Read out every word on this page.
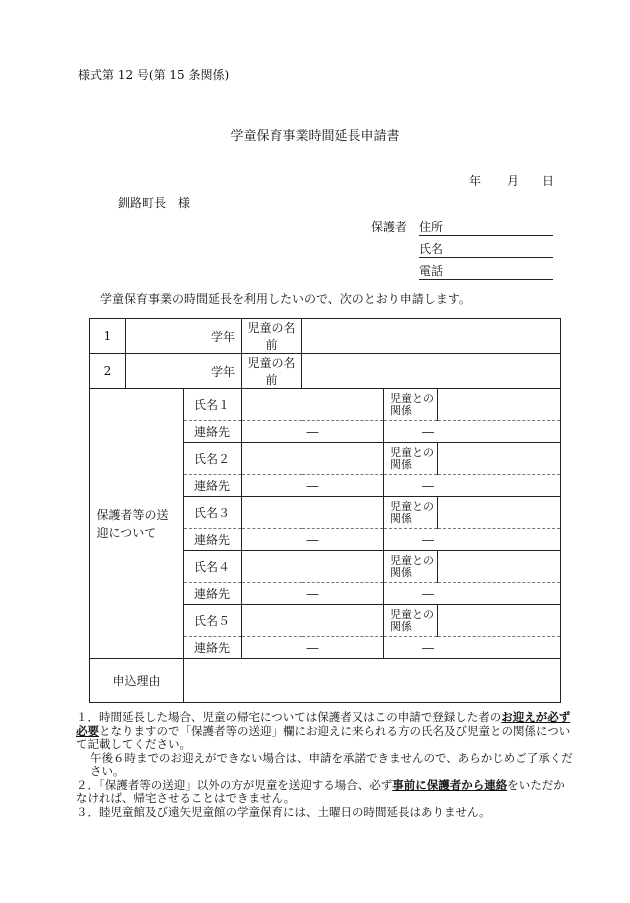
様式第 12 号(第 15 条関係)
学童保育事業時間延長申請書
年 月 日
釧路町長　様
保護者 住所
氏名
電話
学童保育事業の時間延長を利用したいので、次のとおり申請します。
1	学年		児童の名前			
2	学年		児童の名前			
保護者等の送迎について		氏名１			児童との関係	
		連絡先	―		―	
		氏名２			児童との関係	
		連絡先	―		―	
		氏名３			児童との関係	
		連絡先	―		―	
		氏名４			児童との関係	
		連絡先	―		―	
		氏名５			児童との関係	
		連絡先	―		―	
申込理由						

１．時間延長した場合、児童の帰宅については保護者又はこの申請で登録した者のお迎えが必ず必要となりますので「保護者等の送迎」欄にお迎えに来られる方の氏名及び児童との関係について記載してください。

午後６時までのお迎えができない場合は、申請を承諾できませんので、あらかじめご了承ください。

２．「保護者等の送迎」以外の方が児童を送迎する場合、必ず事前に保護者から連絡をいただかなければ、帰宅させることはできません。

３．睦児童館及び遠矢児童館の学童保育には、土曜日の時間延長はありません。
